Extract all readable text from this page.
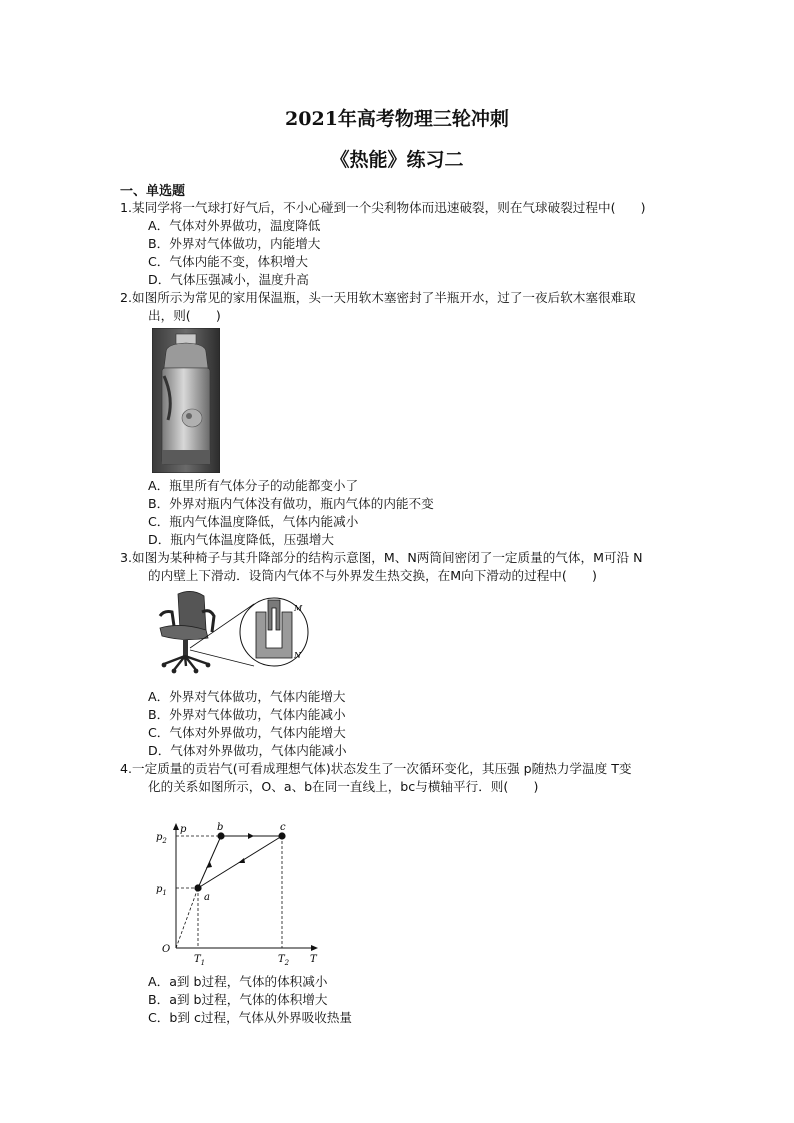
2021年高考物理三轮冲刺
《热能》练习二
一、单选题
1.某同学将一气球打好气后，不小心碰到一个尖利物体而迅速破裂，则在气球破裂过程中(　　)
A．气体对外界做功，温度降低
B．外界对气体做功，内能增大
C．气体内能不变，体积增大
D．气体压强减小，温度升高
2.如图所示为常见的家用保温瓶，头一天用软木塞密封了半瓶开水，过了一夜后软木塞很难取
出，则(　　)
A．瓶里所有气体分子的动能都变小了
B．外界对瓶内气体没有做功，瓶内气体的内能不变
C．瓶内气体温度降低，气体内能减小
D．瓶内气体温度降低，压强增大
3.如图为某种椅子与其升降部分的结构示意图，M、N两筒间密闭了一定质量的气体，M可沿 N
的内壁上下滑动．设筒内气体不与外界发生热交换，在M向下滑动的过程中(　　)
M
N
A．外界对气体做功，气体内能增大
B．外界对气体做功，气体内能减小
C．气体对外界做功，气体内能增大
D．气体对外界做功，气体内能减小
4.一定质量的贡岩气(可看成理想气体)状态发生了一次循环变化，其压强 p随热力学温度 T变
化的关系如图所示，O、a、b在同一直线上，bc与横轴平行．则(　　)
p
T
O
a
b	c
$p_2$
$p_1$
$T_1$	$T_2$
A．a到 b过程，气体的体积减小
B．a到 b过程，气体的体积增大
C．b到 c过程，气体从外界吸收热量
